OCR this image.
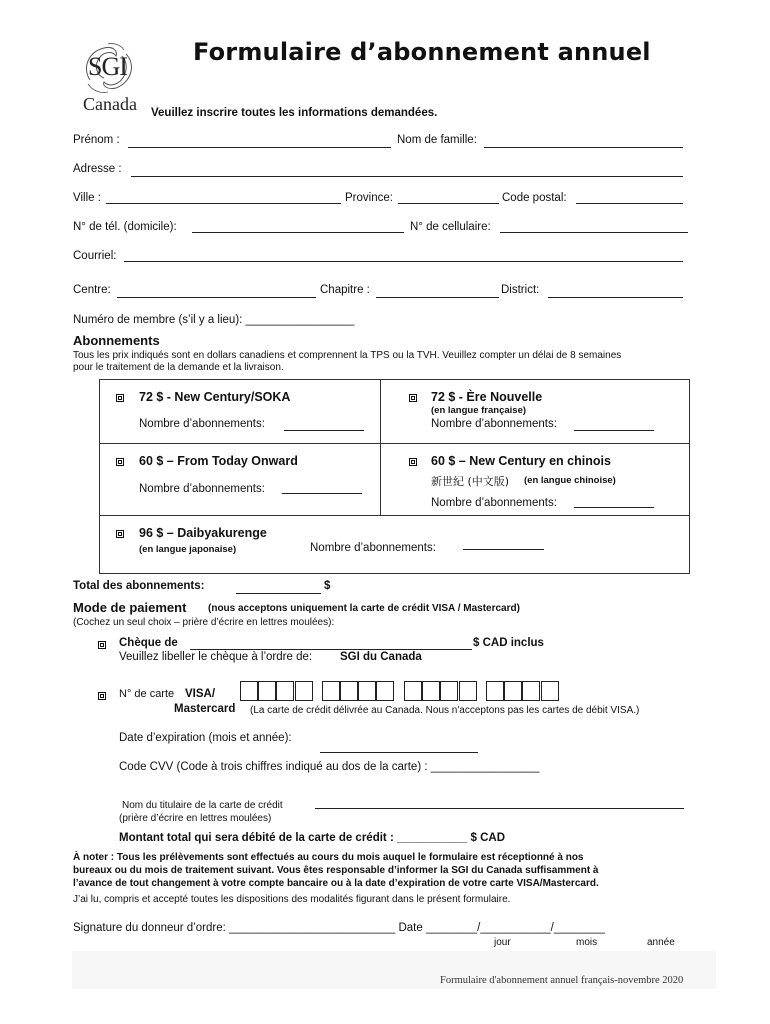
SGI
Canada
Formulaire d’abonnement annuel
Veuillez inscrire toutes les informations demandées.
Prénom :	Nom de famille:
Adresse :
Ville :	Province:	Code postal:
N° de tél. (domicile):	N° de cellulaire:
Courriel:
Centre:	Chapitre :	District:
Numéro de membre (s’il y a lieu): _________________
Abonnements
Tous les prix indiqués sont en dollars canadiens et comprennent la TPS ou la TVH. Veuillez compter un délai de 8 semaines
pour le traitement de la demande et la livraison.
72 $ - New Century/SOKA
Nombre d’abonnements:
72 $ - Ère Nouvelle
(en langue française)
Nombre d’abonnements:
60 $ – From Today Onward
Nombre d’abonnements:
60 $ – New Century en chinois
新世紀 (中文版) (en langue chinoise)
Nombre d’abonnements:
96 $ – Daibyakurenge
(en langue japonaise)	Nombre d’abonnements:
Total des abonnements:	$
Mode de paiement (nous acceptons uniquement la carte de crédit VISA / Mastercard)
(Cochez un seul choix – prière d’écrire en lettres moulées):
Chèque de	$ CAD inclus
Veuillez libeller le chèque à l’ordre de: SGI du Canada
N° de carte VISA/
Mastercard (La carte de crédit délivrée au Canada. Nous n'acceptons pas les cartes de débit VISA.)
Date d’expiration (mois et année):
Code CVV (Code à trois chiffres indiqué au dos de la carte) : _________________
Nom du titulaire de la carte de crédit
(prière d’écrire en lettres moulées)
Montant total qui sera débité de la carte de crédit : ___________ $ CAD
À noter : Tous les prélèvements sont effectués au cours du mois auquel le formulaire est réceptionné à nos
bureaux ou du mois de traitement suivant. Vous êtes responsable d’informer la SGI du Canada suffisamment à
l’avance de tout changement à votre compte bancaire ou à la date d’expiration de votre carte VISA/Mastercard.
J’ai lu, compris et accepté toutes les dispositions des modalités figurant dans le présent formulaire.
Signature du donneur d’ordre: __________________________ Date ________/___________/________
jour	mois	année
Formulaire d'abonnement annuel français-novembre 2020
